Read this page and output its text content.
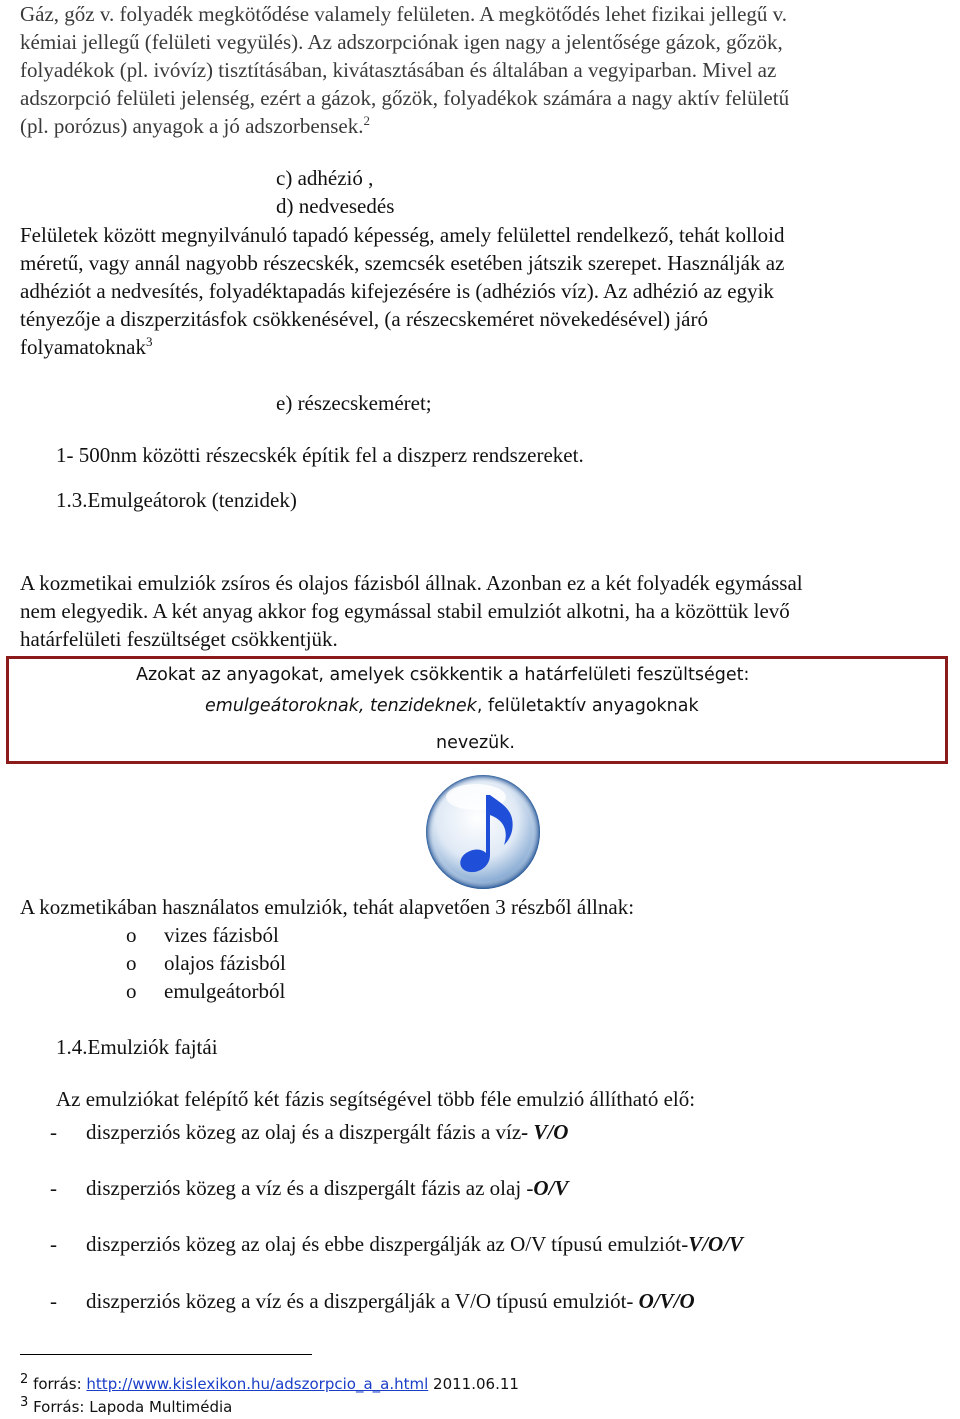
Gáz, gőz v. folyadék megkötődése valamely felületen. A megkötődés lehet fizikai jellegű v.
kémiai jellegű (felületi vegyülés). Az adszorpciónak igen nagy a jelentősége gázok, gőzök,
folyadékok (pl. ivóvíz) tisztításában, kivátasztásában és általában a vegyiparban. Mivel az
adszorpció felületi jelenség, ezért a gázok, gőzök, folyadékok számára a nagy aktív felületű
(pl. porózus) anyagok a jó adszorbensek.$^2$
c) adhézió ,
d) nedvesedés
Felületek között megnyilvánuló tapadó képesség, amely felülettel rendelkező, tehát kolloid
méretű, vagy annál nagyobb részecskék, szemcsék esetében játszik szerepet. Használják az
adhéziót a nedvesítés, folyadéktapadás kifejezésére is (adhéziós víz). Az adhézió az egyik
tényezője a diszperzitásfok csökkenésével, (a részecskeméret növekedésével) járó
folyamatoknak$^3$
e) részecskeméret;
1- 500nm közötti részecskék építik fel a diszperz rendszereket.
1.3.Emulgeátorok (tenzidek)
A kozmetikai emulziók zsíros és olajos fázisból állnak. Azonban ez a két folyadék egymással
nem elegyedik. A két anyag akkor fog egymással stabil emulziót alkotni, ha a közöttük levő
határfelületi feszültséget csökkentjük.
Azokat az anyagokat, amelyek csökkentik a határfelületi feszültséget:
emulgeátoroknak, tenzideknek, felületaktív anyagoknak
nevezük.
A kozmetikában használatos emulziók, tehát alapvetően 3 részből állnak:
o vizes fázisból
o olajos fázisból
o emulgeátorból
1.4.Emulziók fajtái
Az emulziókat felépítő két fázis segítségével több féle emulzió állítható elő:
- diszperziós közeg az olaj és a diszpergált fázis a víz- V/O
- diszperziós közeg a víz és a diszpergált fázis az olaj -O/V
- diszperziós közeg az olaj és ebbe diszpergálják az O/V típusú emulziót-V/O/V
- diszperziós közeg a víz és a diszpergálják a V/O típusú emulziót- O/V/O
$^2$ forrás: http://www.kislexikon.hu/adszorpcio_a_a.html 2011.06.11
$^3$ Forrás: Lapoda Multimédia
